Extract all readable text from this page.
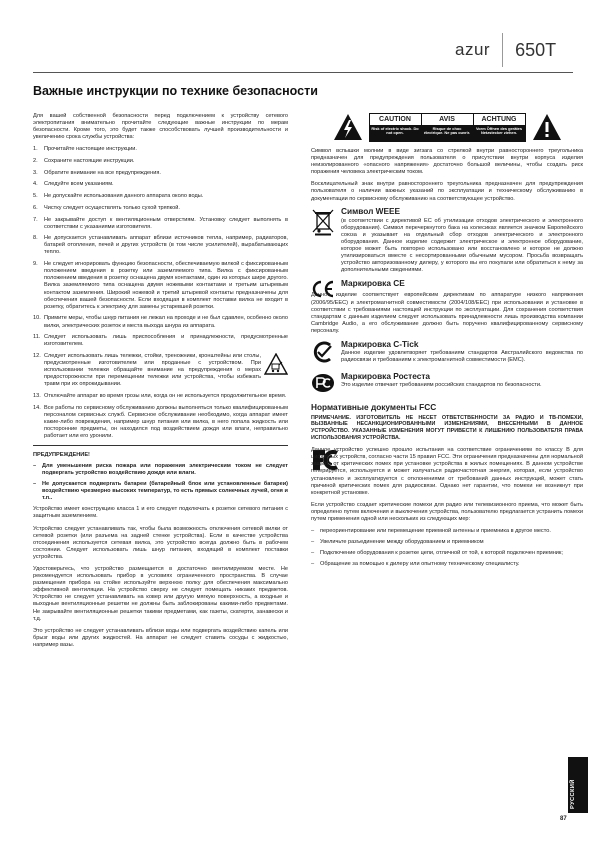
azur 650T
Важные инструкции по технике безопасности

Для вашей собственной безопасности перед подключением к устройству сетевого электропитания внимательно прочитайте следующие важные инструкции по мерам безопасности. Кроме того, это будет также способствовать лучшей производительности и увеличению срока службы устройства:

1.	Прочитайте настоящие инструкции.
2.	Сохраните настоящие инструкции.
3.	Обратите внимание на все предупреждения.
4.	Следуйте всем указаниям.
5.	Не допускайте использования данного аппарата около воды.
6.	Чистку следует осуществлять только сухой тряпкой.
7.	Не закрывайте доступ к вентиляционным отверстиям. Установку следует выполнять в соответствии с указаниями изготовителя.
8.	Не допускается устанавливать аппарат вблизи источников тепла, например, радиаторов, батарей отопления, печей и других устройств (в том числе усилителей), вырабатывающих тепло.
9.	Не следует игнорировать функцию безопасности, обеспечиваемую вилкой с фиксированным положением введения в розетку или заземляемого типа. Вилка с фиксированным положением введения в розетку оснащена двумя контактами, один из которых шире другого. Вилка заземляемого типа оснащена двумя ножевыми контактами и третьим штыревым контактом заземления. Широкий ножевой и третий штыревой контакты предназначены для обеспечения вашей безопасности. Если входящая в комплект поставки вилка не входит в розетку, обратитесь к электрику для замены устаревшей розетки.
10. Примите меры, чтобы шнур питания не лежал на проходе и не был сдавлен, особенно около вилки, электрических розеток и места выхода шнура из аппарата.
11. Следует использовать лишь приспособления и принадлежности, предусмотренные изготовителем.
12. Следует использовать лишь тележки, стойки, треножники, кронштейны или столы, предусмотренные изготовителем или проданные с устройством. При использовании тележки обращайте внимание на предупреждения о мерах предосторожности при перемещении тележки или устройства, чтобы избежать травм при их опрокидывании.
13. Отключайте аппарат во время грозы или, когда он не используется продолжительное время.
14. Все работы по сервисному обслуживанию должны выполняться только квалифицированным персоналом сервисных служб. Сервисное обслуживание необходимо, когда аппарат имеет какие-либо повреждения, например шнур питания или вилка, в него попала жидкость или посторонние предметы, он находился под воздействием дождя или влаги, неправильно работает или его уронили.
ПРЕДУПРЕЖДЕНИЕ!
–	Для уменьшения риска пожара или поражения электрическим током не следует подвергать устройство воздействию дождя или влаги.
–	Не допускается подвергать батареи (батарейный блок или установленные батареи) воздействию чрезмерно высоких температур, то есть прямых солнечных лучей, огня и т.п..

Устройство имеет конструкцию класса 1 и его следует подключать к розетке сетевого питания с защитным заземлением.

Устройство следует устанавливать так, чтобы была возможность отключения сетевой вилки от сетевой розетки (или разъема на задней стенке устройства). Если в качестве устройства отсоединения используется сетевая вилка, это устройство всегда должно быть в рабочем состоянии. Следует использовать лишь шнур питания, входящий в комплект поставки устройства.

Удостоверьтесь, что устройство размещается в достаточно вентилируемом месте. Не рекомендуется использовать прибор в условиях ограниченного пространства. В случае размещения прибора на стойке используйте верхнюю полку для обеспечения максимально эффективной вентиляции. На устройство сверху не следует помещать никаких предметов. Устройство не следует устанавливать на ковер или другую мягкую поверхность, а входные и выходные вентиляционные решетки не должны быть заблокированы какими-либо предметами. Не закрывайте вентиляционные решетки такими предметами, как газеты, скатерти, занавески и т.д.

Это устройство не следует устанавливать вблизи воды или подвергать воздействию капель или брызг воды или других жидкостей. На аппарат не следует ставить сосуды с жидкостью, например вазы.

CAUTION
Risk of electric shock. Do not open.
AVIS
Risque de choc électrique. Ne pas ouvrir.
ACHTUNG
Vorm Öffnen des gerätes Netzstecker ziehen.

Символ вспышки молнии в виде зигзага со стрелкой внутри равностороннего треугольника предназначен для предупреждения пользователя о присутствии внутри корпуса изделия неизолированного «опасного напряжения» достаточно большой величины, чтобы создать риск поражения человека электрическим током.

Восклицательный знак внутри равностороннего треугольника предназначен для предупреждения пользователя о наличии важных указаний по эксплуатации и техническому обслуживанию в документации по сервисному обслуживанию на соответствующее устройство.

Символ WEEE

(в соответствии с директивой ЕС об утилизации отходов электрического и электронного оборудования). Символ перечеркнутого бака на колесиках является значком Европейского союза и указывает на отдельный сбор отходов электрического и электронного оборудования. Данное изделие содержит электрическое и электронное оборудование, которое может быть повторно использовано или восстановлено и которое не должно утилизироваться вместе с несортированными обычными мусором. Просьба возвращать устройство авторизованному дилеру, у которого вы его покупали или обратиться к нему за дополнительными сведениями.

Маркировка CE

Данное изделие соответствует европейским директивам по аппаратуре низкого напряжения (2006/95/EEC) и электромагнитной совместимости (2004/108/EEC) при использовании и установке в соответствии с требованиями настоящей инструкции по эксплуатации. Для сохранения соответствия стандартам с данным изделием следует использовать принадлежности лишь производства компании Cambridge Audio, а его обслуживание должно быть поручено квалифицированному сервисному персоналу.

Маркировка C-Tick

Данное изделие удовлетворяет требованиям стандартов Австралийского ведомства по радиосвязи и требованиям к электромагнитной совместимости (EMC).

Маркировка Ростеста

Это изделие отвечает требованиям российских стандартов по безопасности.

Нормативные документы FCC
ПРИМЕЧАНИЕ. ИЗГОТОВИТЕЛЬ НЕ НЕСЕТ ОТВЕТСТВЕННОСТИ ЗА РАДИО И ТВ-ПОМЕХИ, ВЫЗВАННЫЕ НЕСАНКЦИОНИРОВАННЫМИ ИЗМЕНЕНИЯМИ, ВНЕСЕННЫМИ В ДАННОЕ УСТРОЙСТВО. УКАЗАННЫЕ ИЗМЕНЕНИЯ МОГУТ ПРИВЕСТИ К ЛИШЕНИЮ ПОЛЬЗОВАТЕЛЯ ПРАВА ИСПОЛЬЗОВАНИЯ УСТРОЙСТВА.

Данное устройство успешно прошло испытания на соответствие ограничениям по классу B для цифровых устройств, согласно части 15 правил FCC. Эти ограничения предназначены для нормальной защиты от критических помех при установке устройства в жилых помещениях. В данном устройстве генерируется, используется и может излучаться радиочастотная энергия, которая, если устройство установлено и эксплуатируется с отклонениями от требований данных инструкций, может стать причиной критических помех для радиосвязи. Однако нет гарантии, что помехи не возникнут при конкретной установке.

Если устройство создает критические помехи для радио или телевизионного приема, что может быть определено путем включения и выключения устройства, пользователю предлагается устранить помехи путем применения одной или нескольких из следующих мер:

–	переориентирование или перемещение приемной антенны и приемника в другое место.
–	Увеличьте разъединение между оборудованием и приемником
–	Подключение оборудования к розетке цепи, отличной от той, к которой подключен приемник;
–	Обращение за помощью к дилеру или опытному техническому специалисту.
РУССКИЙ
87
